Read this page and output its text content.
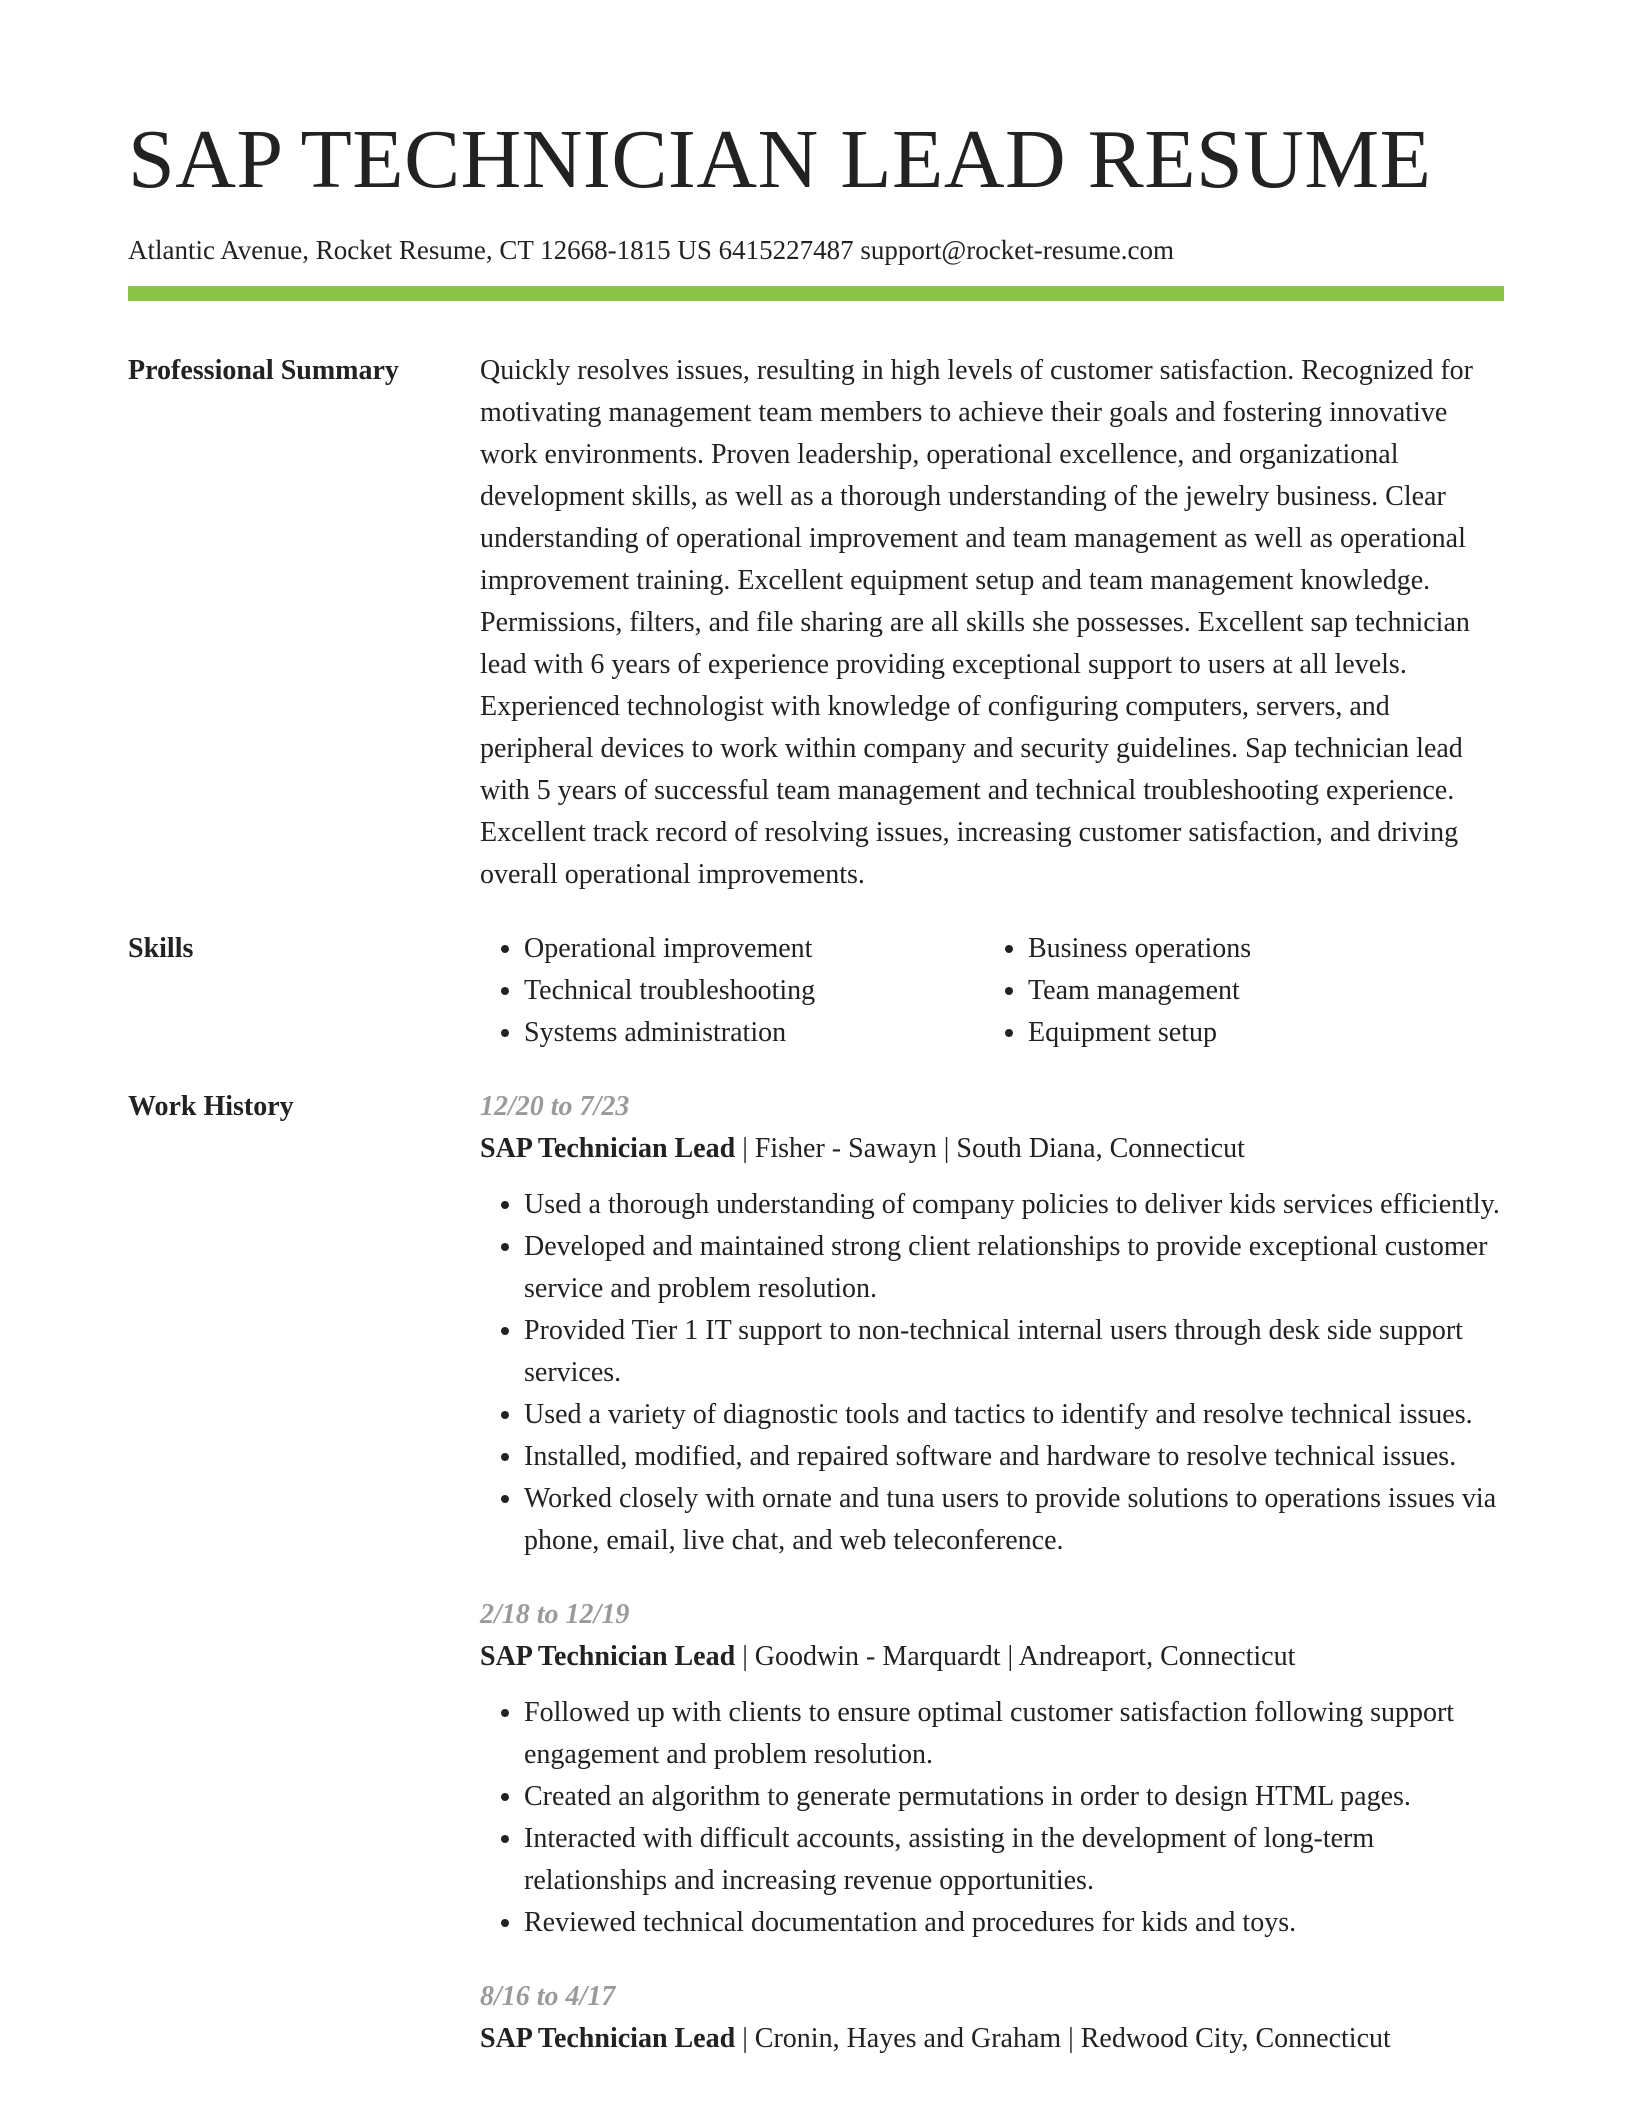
SAP TECHNICIAN LEAD RESUME
Atlantic Avenue, Rocket Resume, CT 12668-1815 US 6415227487 support@rocket-resume.com
Professional Summary	Quickly resolves issues, resulting in high levels of customer satisfaction. Recognized for motivating management team members to achieve their goals and fostering innovative work environments. Proven leadership, operational excellence, and organizational development skills, as well as a thorough understanding of the jewelry business. Clear understanding of operational improvement and team management as well as operational improvement training. Excellent equipment setup and team management knowledge. Permissions, filters, and file sharing are all skills she possesses. Excellent sap technician lead with 6 years of experience providing exceptional support to users at all levels. Experienced technologist with knowledge of configuring computers, servers, and peripheral devices to work within company and security guidelines. Sap technician lead with 5 years of successful team management and technical troubleshooting experience. Excellent track record of resolving issues, increasing customer satisfaction, and driving overall operational improvements.

Skills
•	Operational improvement
• Technical troubleshooting
• Systems administration
• Business operations
• Team management
• Equipment setup
Work History	12/20 to 7/23
SAP Technician Lead | Fisher - Sawayn | South Diana, Connecticut
• Used a thorough understanding of company policies to deliver kids services efficiently.
• Developed and maintained strong client relationships to provide exceptional customer service and problem resolution.
• Provided Tier 1 IT support to non-technical internal users through desk side support services.
• Used a variety of diagnostic tools and tactics to identify and resolve technical issues.
• Installed, modified, and repaired software and hardware to resolve technical issues.
• Worked closely with ornate and tuna users to provide solutions to operations issues via phone, email, live chat, and web teleconference.
2/18 to 12/19
SAP Technician Lead | Goodwin - Marquardt | Andreaport, Connecticut
• Followed up with clients to ensure optimal customer satisfaction following support engagement and problem resolution.
• Created an algorithm to generate permutations in order to design HTML pages.
• Interacted with difficult accounts, assisting in the development of long-term relationships and increasing revenue opportunities.
• Reviewed technical documentation and procedures for kids and toys.
8/16 to 4/17
SAP Technician Lead | Cronin, Hayes and Graham | Redwood City, Connecticut
